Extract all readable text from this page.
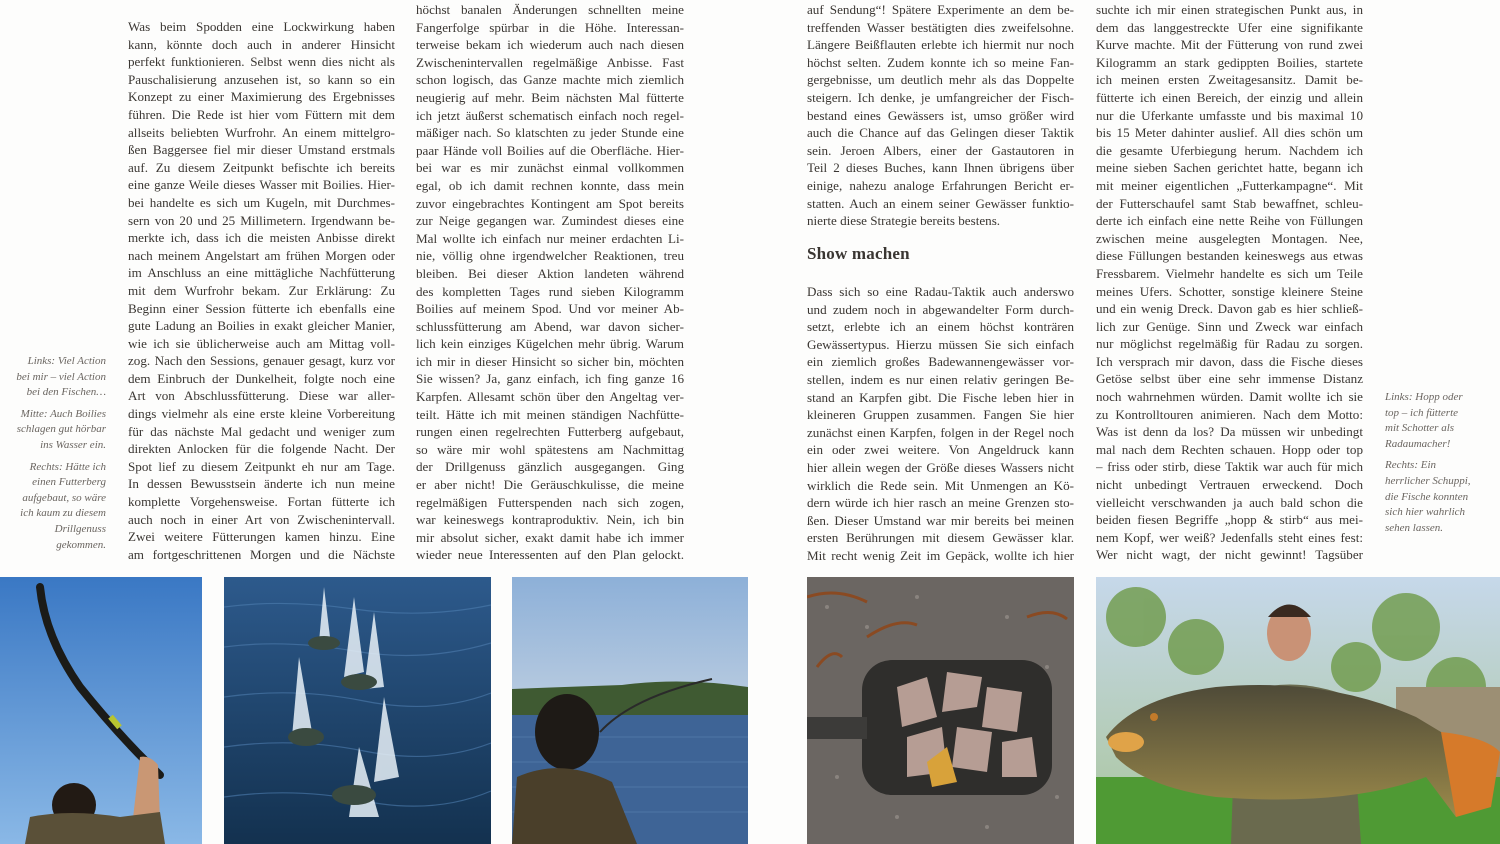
Was beim Spodden eine Lockwirkung haben
kann, könnte doch auch in anderer Hinsicht
perfekt funktionieren. Selbst wenn dies nicht als
Pauschalisierung anzusehen ist, so kann so ein
Konzept zu einer Maximierung des Ergebnisses
führen. Die Rede ist hier vom Füttern mit dem
allseits beliebten Wurfrohr. An einem mittelgro-
ßen Baggersee fiel mir dieser Umstand erstmals
auf. Zu diesem Zeitpunkt befischte ich bereits
eine ganze Weile dieses Wasser mit Boilies. Hier-
bei handelte es sich um Kugeln, mit Durchmes-
sern von 20 und 25 Millimetern. Irgendwann be-
merkte ich, dass ich die meisten Anbisse direkt
nach meinem Angelstart am frühen Morgen oder
im Anschluss an eine mittägliche Nachfütterung
mit dem Wurfrohr bekam. Zur Erklärung: Zu
Beginn einer Session fütterte ich ebenfalls eine
gute Ladung an Boilies in exakt gleicher Manier,
wie ich sie üblicherweise auch am Mittag voll-
zog. Nach den Sessions, genauer gesagt, kurz vor
dem Einbruch der Dunkelheit, folgte noch eine
Art von Abschlussfütterung. Diese war aller-
dings vielmehr als eine erste kleine Vorbereitung
für das nächste Mal gedacht und weniger zum
direkten Anlocken für die folgende Nacht. Der
Spot lief zu diesem Zeitpunkt eh nur am Tage.
In dessen Bewusstsein änderte ich nun meine
komplette Vorgehensweise. Fortan fütterte ich
auch noch in einer Art von Zwischenintervall.
Zwei weitere Fütterungen kamen hinzu. Eine
am fortgeschrittenen Morgen und die Nächste
höchst banalen Änderungen schnellten meine
Fangerfolge spürbar in die Höhe. Interessan-
terweise bekam ich wiederum auch nach diesen
Zwischenintervallen regelmäßige Anbisse. Fast
schon logisch, das Ganze machte mich ziemlich
neugierig auf mehr. Beim nächsten Mal fütterte
ich jetzt äußerst schematisch einfach noch regel-
mäßiger nach. So klatschten zu jeder Stunde eine
paar Hände voll Boilies auf die Oberfläche. Hier-
bei war es mir zunächst einmal vollkommen
egal, ob ich damit rechnen konnte, dass mein
zuvor eingebrachtes Kontingent am Spot bereits
zur Neige gegangen war. Zumindest dieses eine
Mal wollte ich einfach nur meiner erdachten Li-
nie, völlig ohne irgendwelcher Reaktionen, treu
bleiben. Bei dieser Aktion landeten während
des kompletten Tages rund sieben Kilogramm
Boilies auf meinem Spod. Und vor meiner Ab-
schlussfütterung am Abend, war davon sicher-
lich kein einziges Kügelchen mehr übrig. Warum
ich mir in dieser Hinsicht so sicher bin, möchten
Sie wissen? Ja, ganz einfach, ich fing ganze 16
Karpfen. Allesamt schön über den Angeltag ver-
teilt. Hätte ich mit meinen ständigen Nachfütte-
rungen einen regelrechten Futterberg aufgebaut,
so wäre mir wohl spätestens am Nachmittag
der Drillgenuss gänzlich ausgegangen. Ging
er aber nicht! Die Geräuschkulisse, die meine
regelmäßigen Futterspenden nach sich zogen,
war keineswegs kontraproduktiv. Nein, ich bin
mir absolut sicher, exakt damit habe ich immer
wieder neue Interessenten auf den Plan gelockt.
auf Sendung“! Spätere Experimente an dem be-
treffenden Wasser bestätigten dies zweifelsohne.
Längere Beißflauten erlebte ich hiermit nur noch
höchst selten. Zudem konnte ich so meine Fan-
gergebnisse, um deutlich mehr als das Doppelte
steigern. Ich denke, je umfangreicher der Fisch-
bestand eines Gewässers ist, umso größer wird
auch die Chance auf das Gelingen dieser Taktik
sein. Jeroen Albers, einer der Gastautoren in
Teil 2 dieses Buches, kann Ihnen übrigens über
einige, nahezu analoge Erfahrungen Bericht er-
statten. Auch an einem seiner Gewässer funktio-
nierte diese Strategie bereits bestens.
Show machen
Dass sich so eine Radau-Taktik auch anderswo
und zudem noch in abgewandelter Form durch-
setzt, erlebte ich an einem höchst konträren
Gewässertypus. Hierzu müssen Sie sich einfach
ein ziemlich großes Badewannengewässer vor-
stellen, indem es nur einen relativ geringen Be-
stand an Karpfen gibt. Die Fische leben hier in
kleineren Gruppen zusammen. Fangen Sie hier
zunächst einen Karpfen, folgen in der Regel noch
ein oder zwei weitere. Von Angeldruck kann
hier allein wegen der Größe dieses Wassers nicht
wirklich die Rede sein. Mit Unmengen an Kö-
dern würde ich hier rasch an meine Grenzen sto-
ßen. Dieser Umstand war mir bereits bei meinen
ersten Berührungen mit diesem Gewässer klar.
Mit recht wenig Zeit im Gepäck, wollte ich hier
suchte ich mir einen strategischen Punkt aus, in
dem das langgestreckte Ufer eine signifikante
Kurve machte. Mit der Fütterung von rund zwei
Kilogramm an stark gedippten Boilies, startete
ich meinen ersten Zweitagesansitz. Damit be-
fütterte ich einen Bereich, der einzig und allein
nur die Uferkante umfasste und bis maximal 10
bis 15 Meter dahinter auslief. All dies schön um
die gesamte Uferbiegung herum. Nachdem ich
meine sieben Sachen gerichtet hatte, begann ich
mit meiner eigentlichen „Futterkampagne“. Mit
der Futterschaufel samt Stab bewaffnet, schleu-
derte ich einfach eine nette Reihe von Füllungen
zwischen meine ausgelegten Montagen. Nee,
diese Füllungen bestanden keineswegs aus etwas
Fressbarem. Vielmehr handelte es sich um Teile
meines Ufers. Schotter, sonstige kleinere Steine
und ein wenig Dreck. Davon gab es hier schließ-
lich zur Genüge. Sinn und Zweck war einfach
nur möglichst regelmäßig für Radau zu sorgen.
Ich versprach mir davon, dass die Fische dieses
Getöse selbst über eine sehr immense Distanz
noch wahrnehmen würden. Damit wollte ich sie
zu Kontrolltouren animieren. Nach dem Motto:
Was ist denn da los? Da müssen wir unbedingt
mal nach dem Rechten schauen. Hopp oder top
– friss oder stirb, diese Taktik war auch für mich
nicht unbedingt Vertrauen erweckend. Doch
vielleicht verschwanden ja auch bald schon die
beiden fiesen Begriffe „hopp & stirb“ aus mei-
nem Kopf, wer weiß? Jedenfalls steht eines fest:
Wer nicht wagt, der nicht gewinnt! Tagsüber

Links: Viel Action
bei mir – viel Action
bei den Fischen…

Mitte: Auch Boilies
schlagen gut hörbar
ins Wasser ein.

Rechts: Hätte ich
einen Futterberg
aufgebaut, so wäre
ich kaum zu diesem
Drillgenuss
gekommen.

Links: Hopp oder
top – ich fütterte
mit Schotter als
Radaumacher!

Rechts: Ein
herrlicher Schuppi,
die Fische konnten
sich hier wahrlich
sehen lassen.
